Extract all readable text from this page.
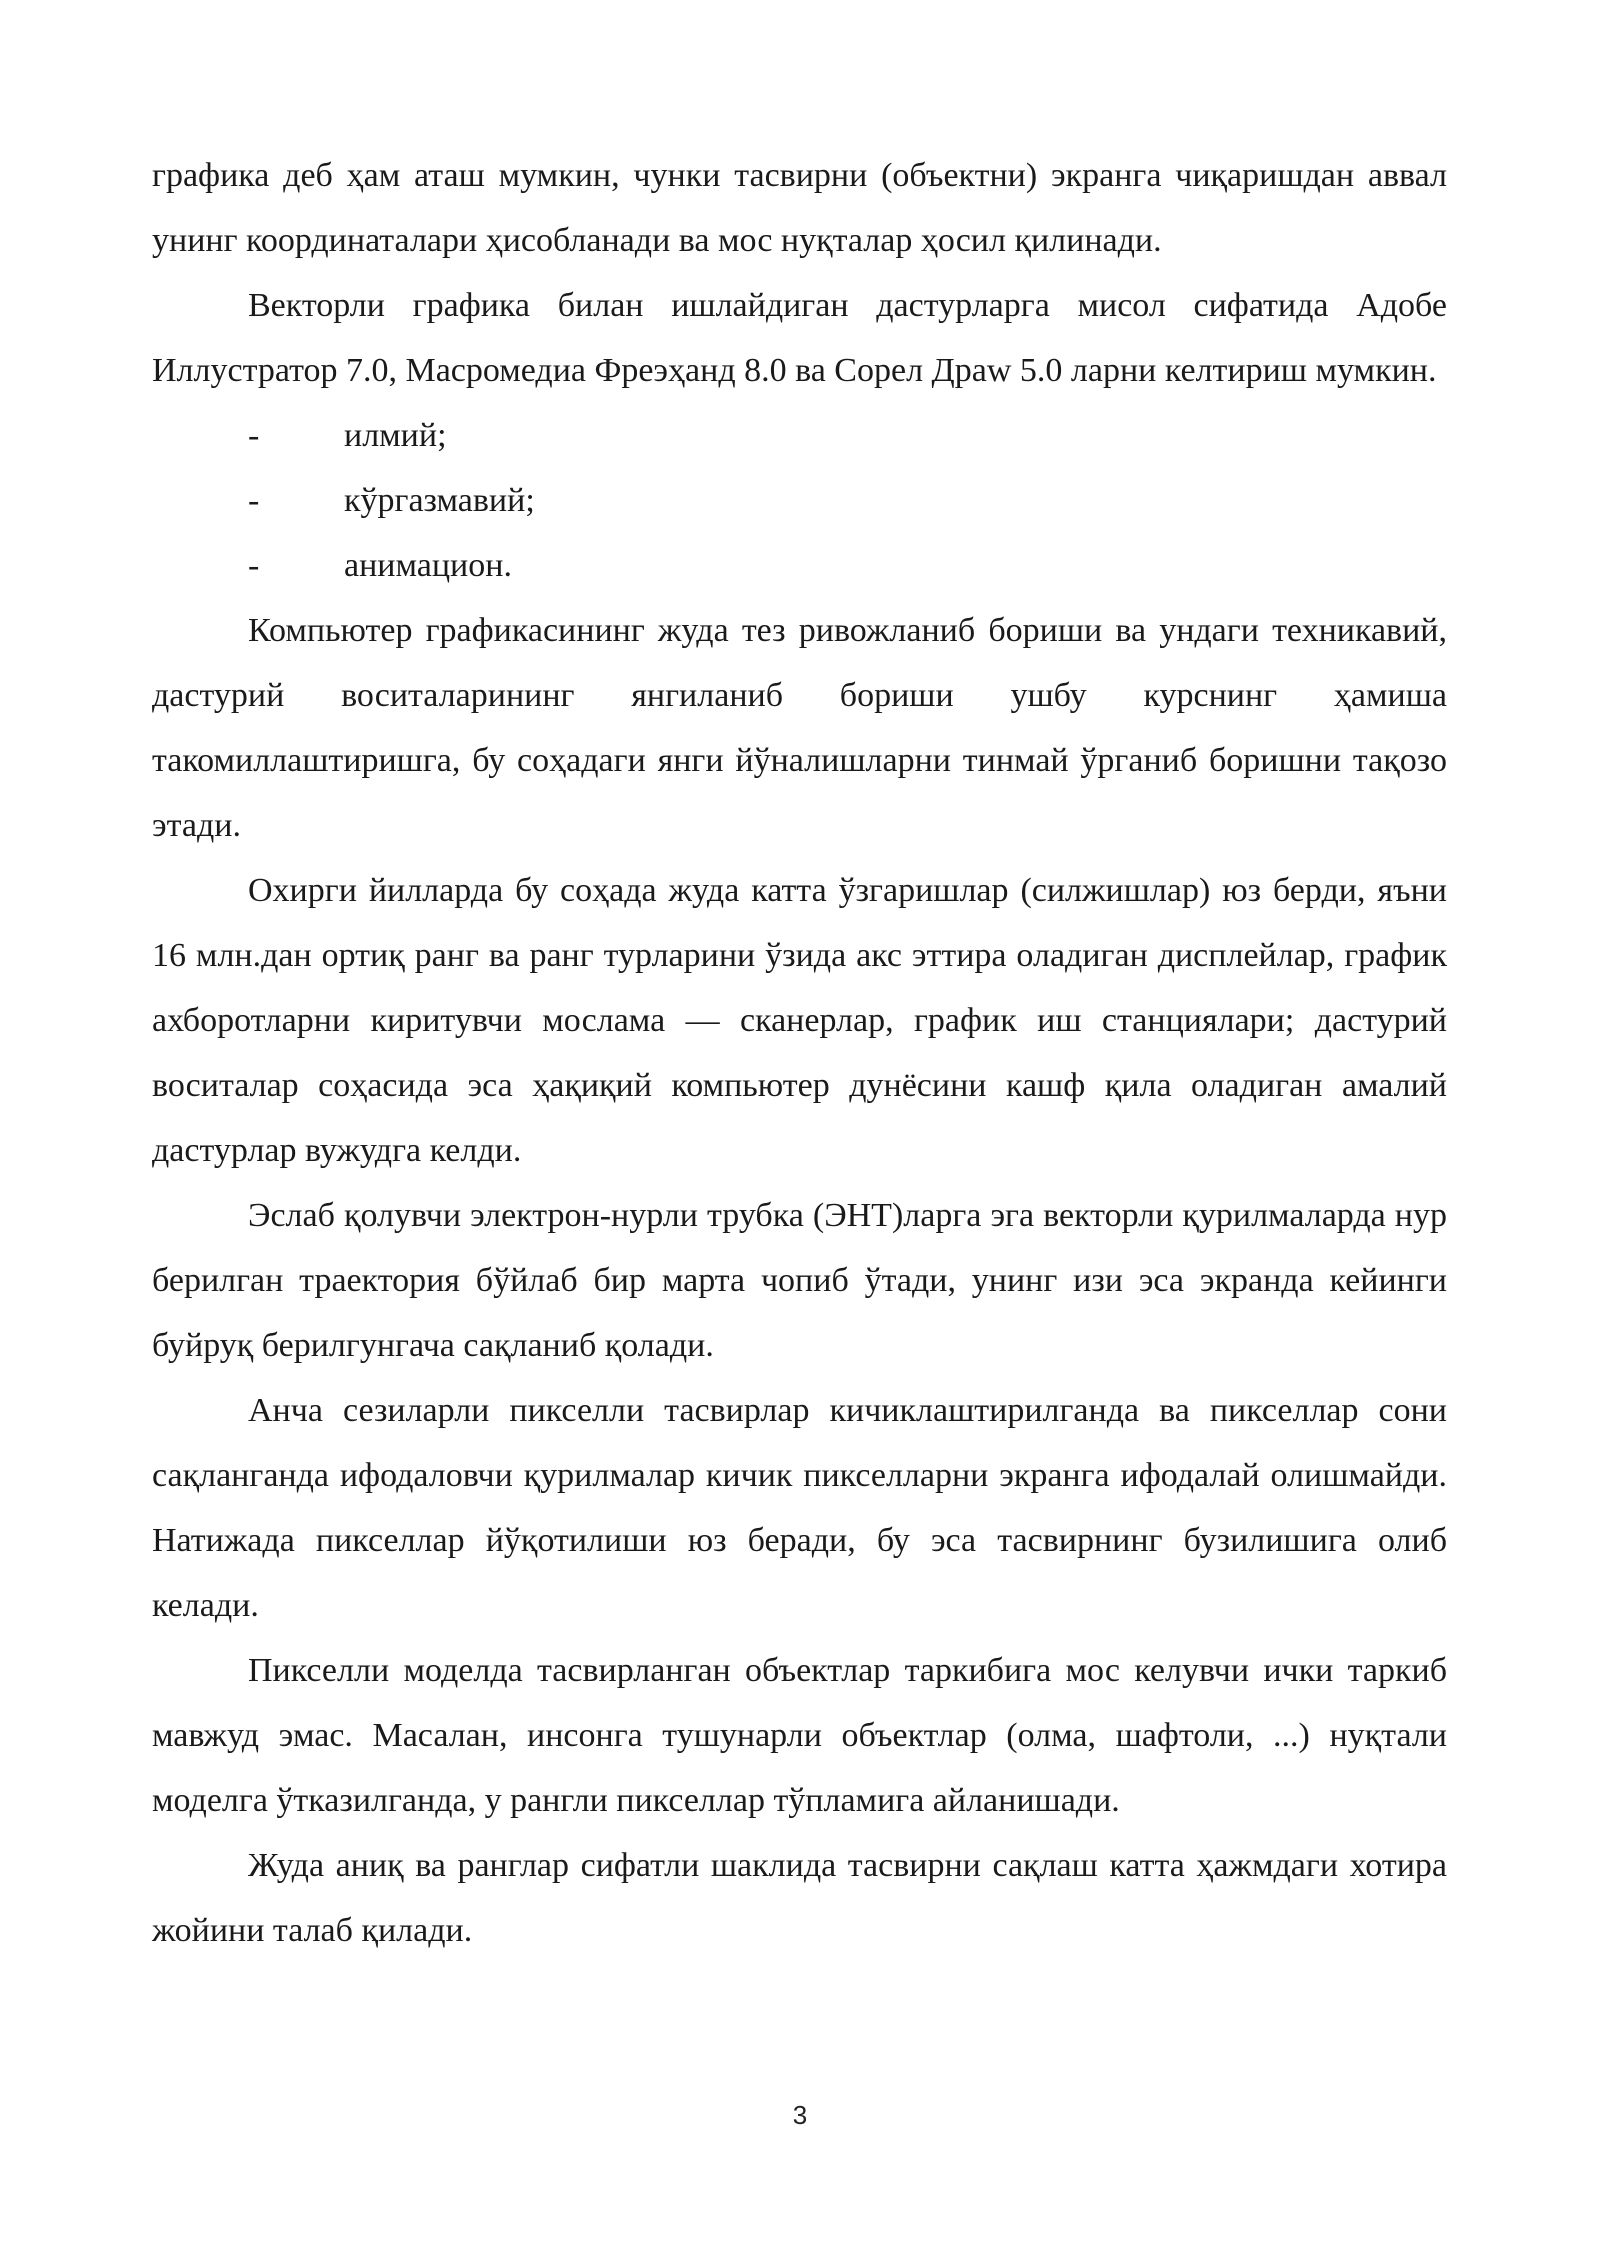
графика деб ҳам аташ мумкин, чунки тасвирни (объектни) экранга чиқаришдан аввал унинг координаталари ҳисобланади ва мос нуқталар ҳосил қилинади.

Векторли графика билан ишлайдиган дастурларга мисол сифатида Адобе Иллустратор 7.0, Масромедиа Фреэҳанд 8.0 ва Сорел Драw 5.0 ларни келтириш мумкин.

-	илмий;
-	кўргазмавий;
-	анимацион.

Компьютер графикасининг жуда тез ривожланиб бориши ва ундаги техникавий, дастурий воситаларининг янгиланиб бориши ушбу курснинг ҳамиша такомиллаштиришга, бу соҳадаги янги йўналишларни тинмай ўрганиб боришни тақозо этади.

Охирги йилларда бу соҳада жуда катта ўзгаришлар (силжишлар) юз берди, яъни 16 млн.дан ортиқ ранг ва ранг турларини ўзида акс эттира оладиган дисплейлар, график ахборотларни киритувчи мослама — сканерлар, график иш станциялари; дастурий воситалар соҳасида эса ҳақиқий компьютер дунёсини кашф қила оладиган амалий дастурлар вужудга келди.

Эслаб қолувчи электрон-нурли трубка (ЭНТ)ларга эга векторли қурилмаларда нур берилган траектория бўйлаб бир марта чопиб ўтади, унинг изи эса экранда кейинги буйруқ берилгунгача сақланиб қолади.

Анча сезиларли пикселли тасвирлар кичиклаштирилганда ва пикселлар сони сақланганда ифодаловчи қурилмалар кичик пикселларни экранга ифодалай олишмайди. Натижада пикселлар йўқотилиши юз беради, бу эса тасвирнинг бузилишига олиб келади.

Пикселли моделда тасвирланган объектлар таркибига мос келувчи ички таркиб мавжуд эмас. Масалан, инсонга тушунарли объектлар (олма, шафтоли, ...) нуқтали моделга ўтказилганда, у рангли пикселлар тўпламига айланишади.

Жуда аниқ ва ранглар сифатли шаклида тасвирни сақлаш катта ҳажмдаги хотира жойини талаб қилади.

3
